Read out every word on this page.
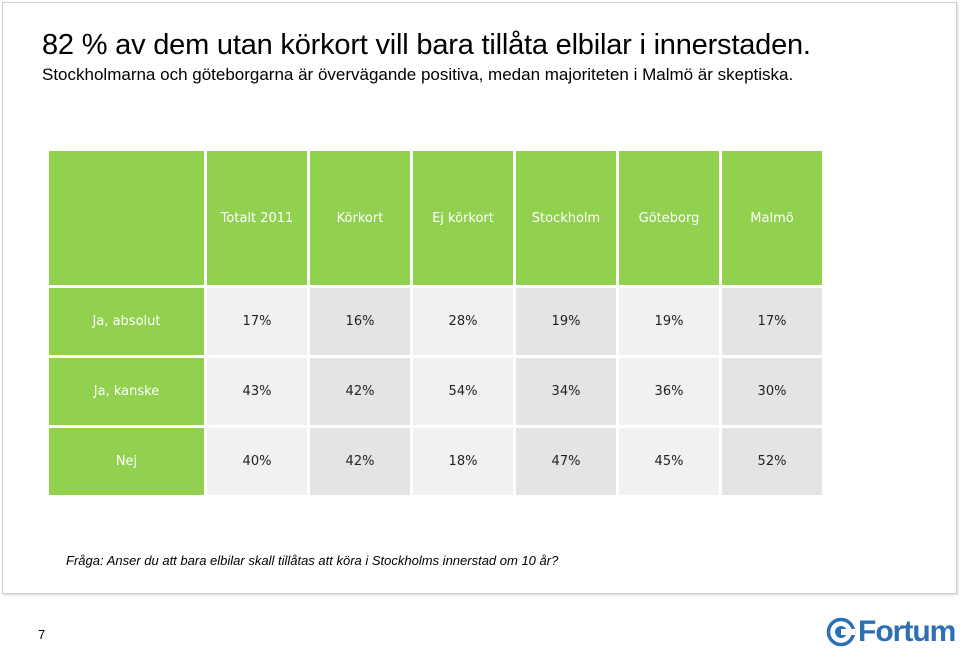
82 % av dem utan körkort vill bara tillåta elbilar i innerstaden.
Stockholmarna och göteborgarna är övervägande positiva, medan majoriteten i Malmö är skeptiska.
	Totalt 2011	Körkort	Ej körkort	Stockholm	Göteborg	Malmö
Ja, absolut	17%	16%	28%	19%	19%	17%
Ja, kanske	43%	42%	54%	34%	36%	30%
Nej	40%	42%	18%	47%	45%	52%
Fråga: Anser du att bara elbilar skall tillåtas att köra i Stockholms innerstad om 10 år?
7	Fortum
